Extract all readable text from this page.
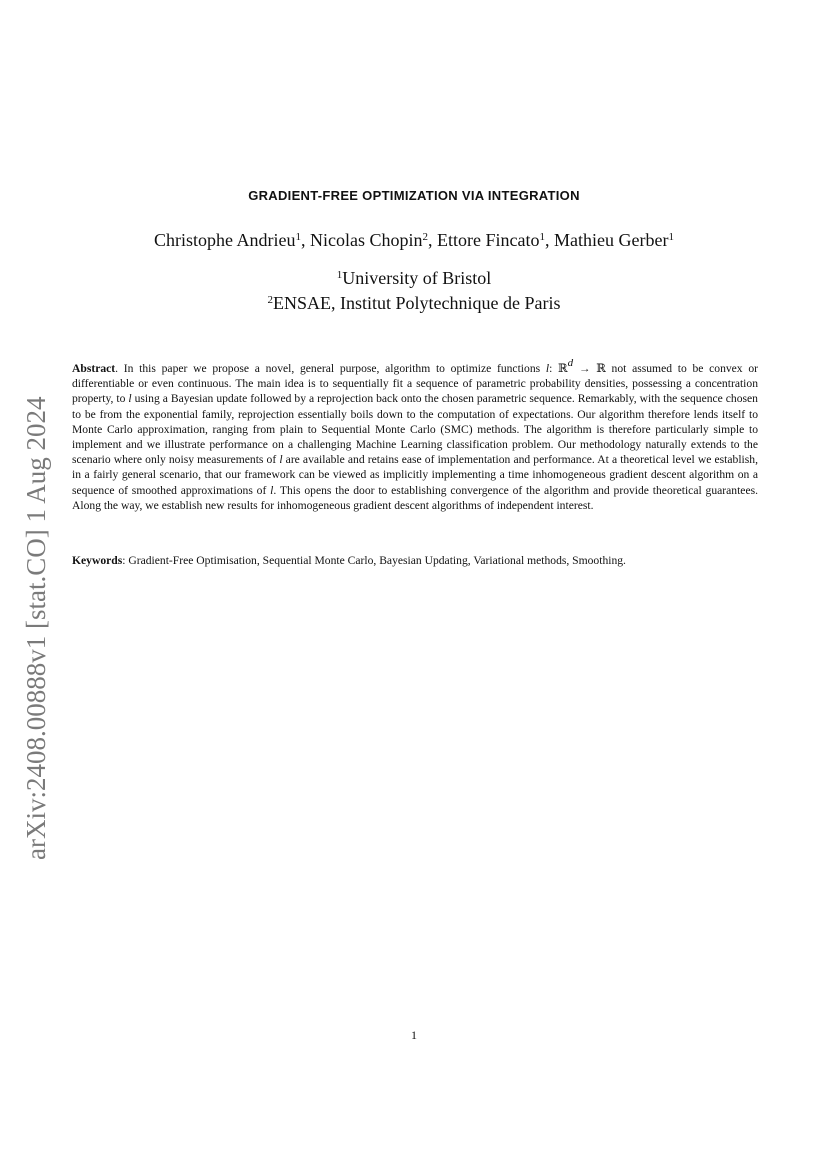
arXiv:2408.00888v1 [stat.CO] 1 Aug 2024
GRADIENT-FREE OPTIMIZATION VIA INTEGRATION
Christophe Andrieu$^1$, Nicolas Chopin$^2$, Ettore Fincato$^1$, Mathieu Gerber$^1$
$^1$University of Bristol
$^2$ENSAE, Institut Polytechnique de Paris
Abstract. In this paper we propose a novel, general purpose, algorithm to optimize functions l: ℝ$^d$ → ℝ not assumed to be convex or differentiable or even continuous. The main idea is to sequentially fit a sequence of parametric probability densities, possessing a concentration property, to l using a Bayesian update followed by a reprojection back onto the chosen parametric sequence. Remarkably, with the sequence chosen to be from the exponential family, reprojection essentially boils down to the computation of expectations. Our algorithm therefore lends itself to Monte Carlo approximation, ranging from plain to Sequential Monte Carlo (SMC) methods. The algorithm is therefore particularly simple to implement and we illustrate performance on a challenging Machine Learning classification problem. Our methodology naturally extends to the scenario where only noisy measurements of l are available and retains ease of implementation and performance. At a theoretical level we establish, in a fairly general scenario, that our framework can be viewed as implicitly implementing a time inhomogeneous gradient descent algorithm on a sequence of smoothed approximations of l. This opens the door to establishing convergence of the algorithm and provide theoretical guarantees. Along the way, we establish new results for inhomogeneous gradient descent algorithms of independent interest.
Keywords: Gradient-Free Optimisation, Sequential Monte Carlo, Bayesian Updating, Variational methods, Smoothing.
1
